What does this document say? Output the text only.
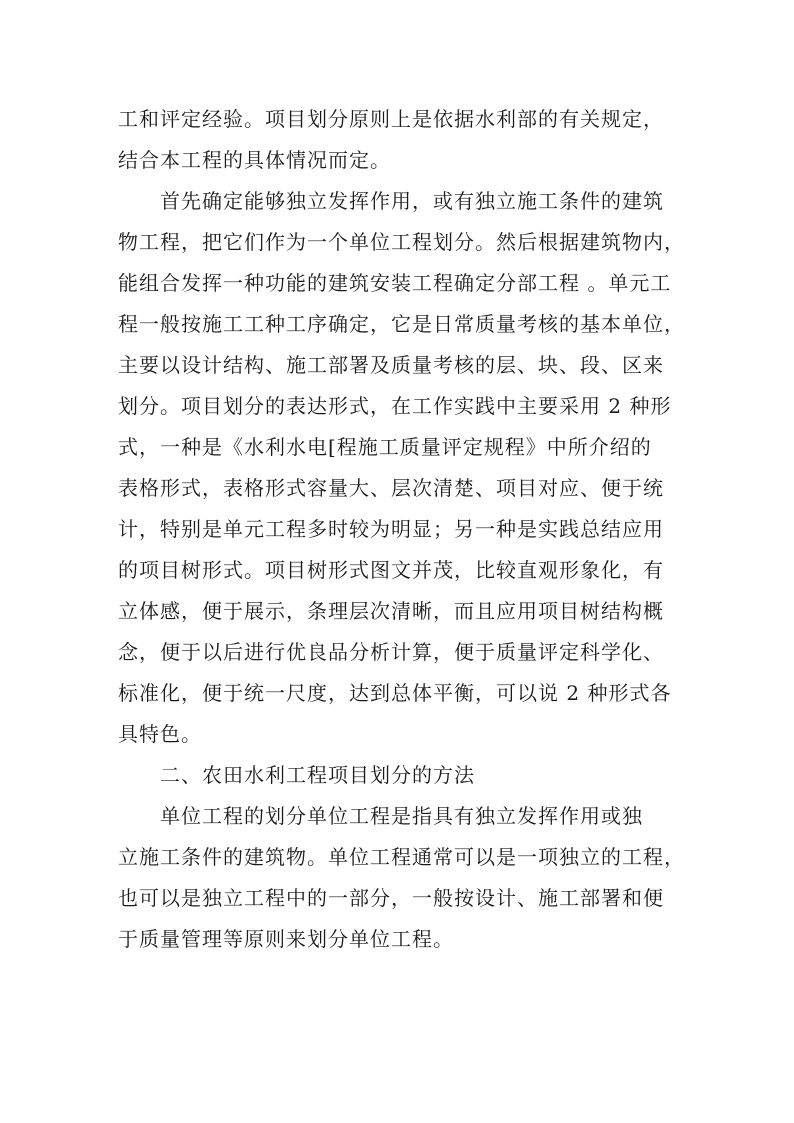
工和评定经验。项目划分原则上是依据水利部的有关规定，
结合本工程的具体情况而定。
首先确定能够独立发挥作用，或有独立施工条件的建筑
物工程，把它们作为一个单位工程划分。然后根据建筑物内，
能组合发挥一种功能的建筑安装工程确定分部工程 。单元工
程一般按施工工种工序确定，它是日常质量考核的基本单位，
主要以设计结构、施工部署及质量考核的层、块、段、区来
划分。项目划分的表达形式，在工作实践中主要采用 2 种形
式，一种是《水利水电[程施工质量评定规程》中所介绍的
表格形式，表格形式容量大、层次清楚、项目对应、便于统
计，特别是单元工程多时较为明显；另一种是实践总结应用
的项目树形式。项目树形式图文并茂，比较直观形象化，有
立体感，便于展示，条理层次清晰，而且应用项目树结构概
念，便于以后进行优良品分析计算，便于质量评定科学化、
标准化，便于统一尺度，达到总体平衡，可以说 2 种形式各
具特色。
二、农田水利工程项目划分的方法
单位工程的划分单位工程是指具有独立发挥作用或独
立施工条件的建筑物。单位工程通常可以是一项独立的工程，
也可以是独立工程中的一部分，一般按设计、施工部署和便
于质量管理等原则来划分单位工程。
